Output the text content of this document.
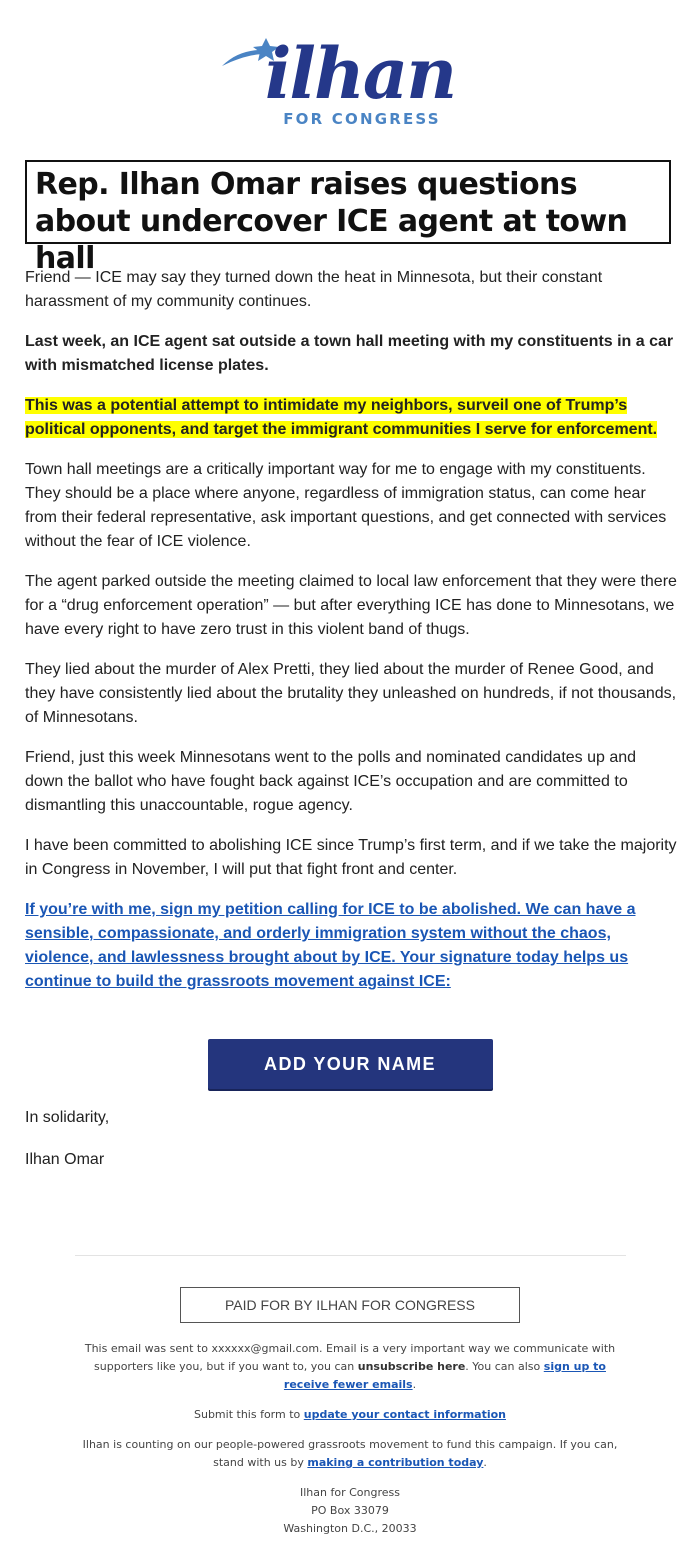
ilhan
FOR CONGRESS
Rep. Ilhan Omar raises questions about undercover ICE agent at town hall

Friend — ICE may say they turned down the heat in Minnesota, but their constant harassment of my community continues.

Last week, an ICE agent sat outside a town hall meeting with my constituents in a car with mismatched license plates.

This was a potential attempt to intimidate my neighbors, surveil one of Trump’s political opponents, and target the immigrant communities I serve for enforcement.

Town hall meetings are a critically important way for me to engage with my constituents. They should be a place where anyone, regardless of immigration status, can come hear from their federal representative, ask important questions, and get connected with services without the fear of ICE violence.

The agent parked outside the meeting claimed to local law enforcement that they were there for a “drug enforcement operation” — but after everything ICE has done to Minnesotans, we have every right to have zero trust in this violent band of thugs.

They lied about the murder of Alex Pretti, they lied about the murder of Renee Good, and they have consistently lied about the brutality they unleashed on hundreds, if not thousands, of Minnesotans.

Friend, just this week Minnesotans went to the polls and nominated candidates up and down the ballot who have fought back against ICE’s occupation and are committed to dismantling this unaccountable, rogue agency.

I have been committed to abolishing ICE since Trump’s first term, and if we take the majority in Congress in November, I will put that fight front and center.

If you’re with me, sign my petition calling for ICE to be abolished. We can have a sensible, compassionate, and orderly immigration system without the chaos, violence, and lawlessness brought about by ICE. Your signature today helps us continue to build the grassroots movement against ICE:

ADD YOUR NAME
In solidarity,
Ilhan Omar
PAID FOR BY ILHAN FOR CONGRESS
This email was sent to xxxxxx@gmail.com. Email is a very important way we communicate with supporters like you, but if you want to, you can unsubscribe here. You can also sign up to receive fewer emails.
Submit this form to update your contact information
Ilhan is counting on our people-powered grassroots movement to fund this campaign. If you can, stand with us by making a contribution today.
Ilhan for Congress
PO Box 33079
Washington D.C., 20033
